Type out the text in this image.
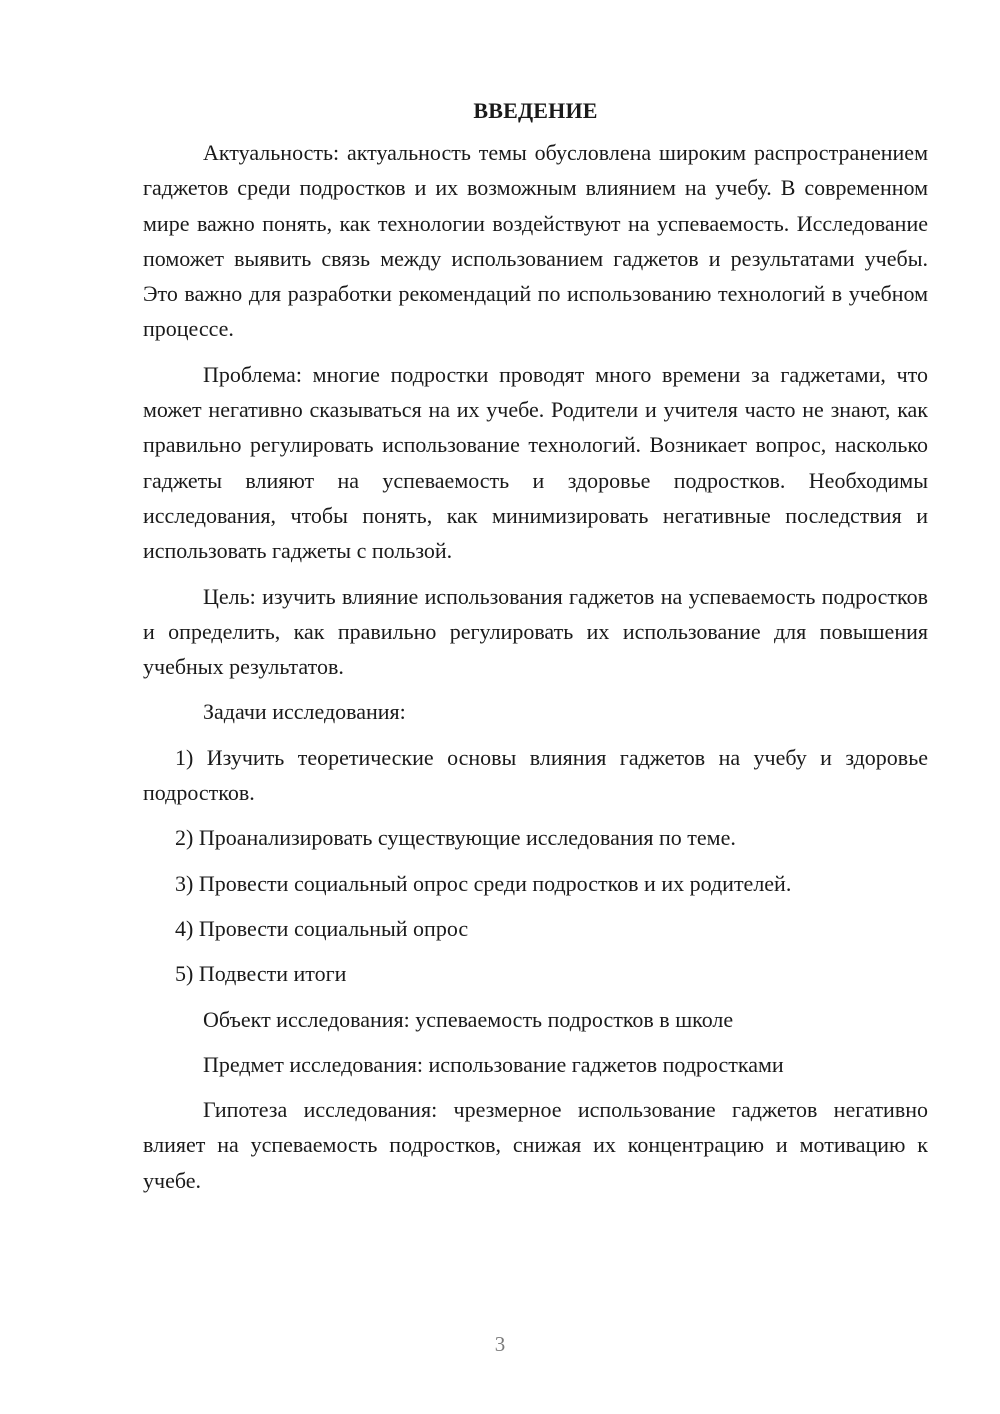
ВВЕДЕНИЕ

Актуальность: актуальность темы обусловлена широким распространением гаджетов среди подростков и их возможным влиянием на учебу. В современном мире важно понять, как технологии воздействуют на успеваемость. Исследование поможет выявить связь между использованием гаджетов и результатами учебы. Это важно для разработки рекомендаций по использованию технологий в учебном процессе.

Проблема: многие подростки проводят много времени за гаджетами, что может негативно сказываться на их учебе. Родители и учителя часто не знают, как правильно регулировать использование технологий. Возникает вопрос, насколько гаджеты влияют на успеваемость и здоровье подростков. Необходимы исследования, чтобы понять, как минимизировать негативные последствия и использовать гаджеты с пользой.

Цель: изучить влияние использования гаджетов на успеваемость подростков и определить, как правильно регулировать их использование для повышения учебных результатов.

Задачи исследования:

1) Изучить теоретические основы влияния гаджетов на учебу и здоровье подростков.

2) Проанализировать существующие исследования по теме.

3) Провести социальный опрос среди подростков и их родителей.

4) Провести социальный опрос

5) Подвести итоги

Объект исследования: успеваемость подростков в школе

Предмет исследования: использование гаджетов подростками

Гипотеза исследования: чрезмерное использование гаджетов негативно влияет на успеваемость подростков, снижая их концентрацию и мотивацию к учебе.

3
